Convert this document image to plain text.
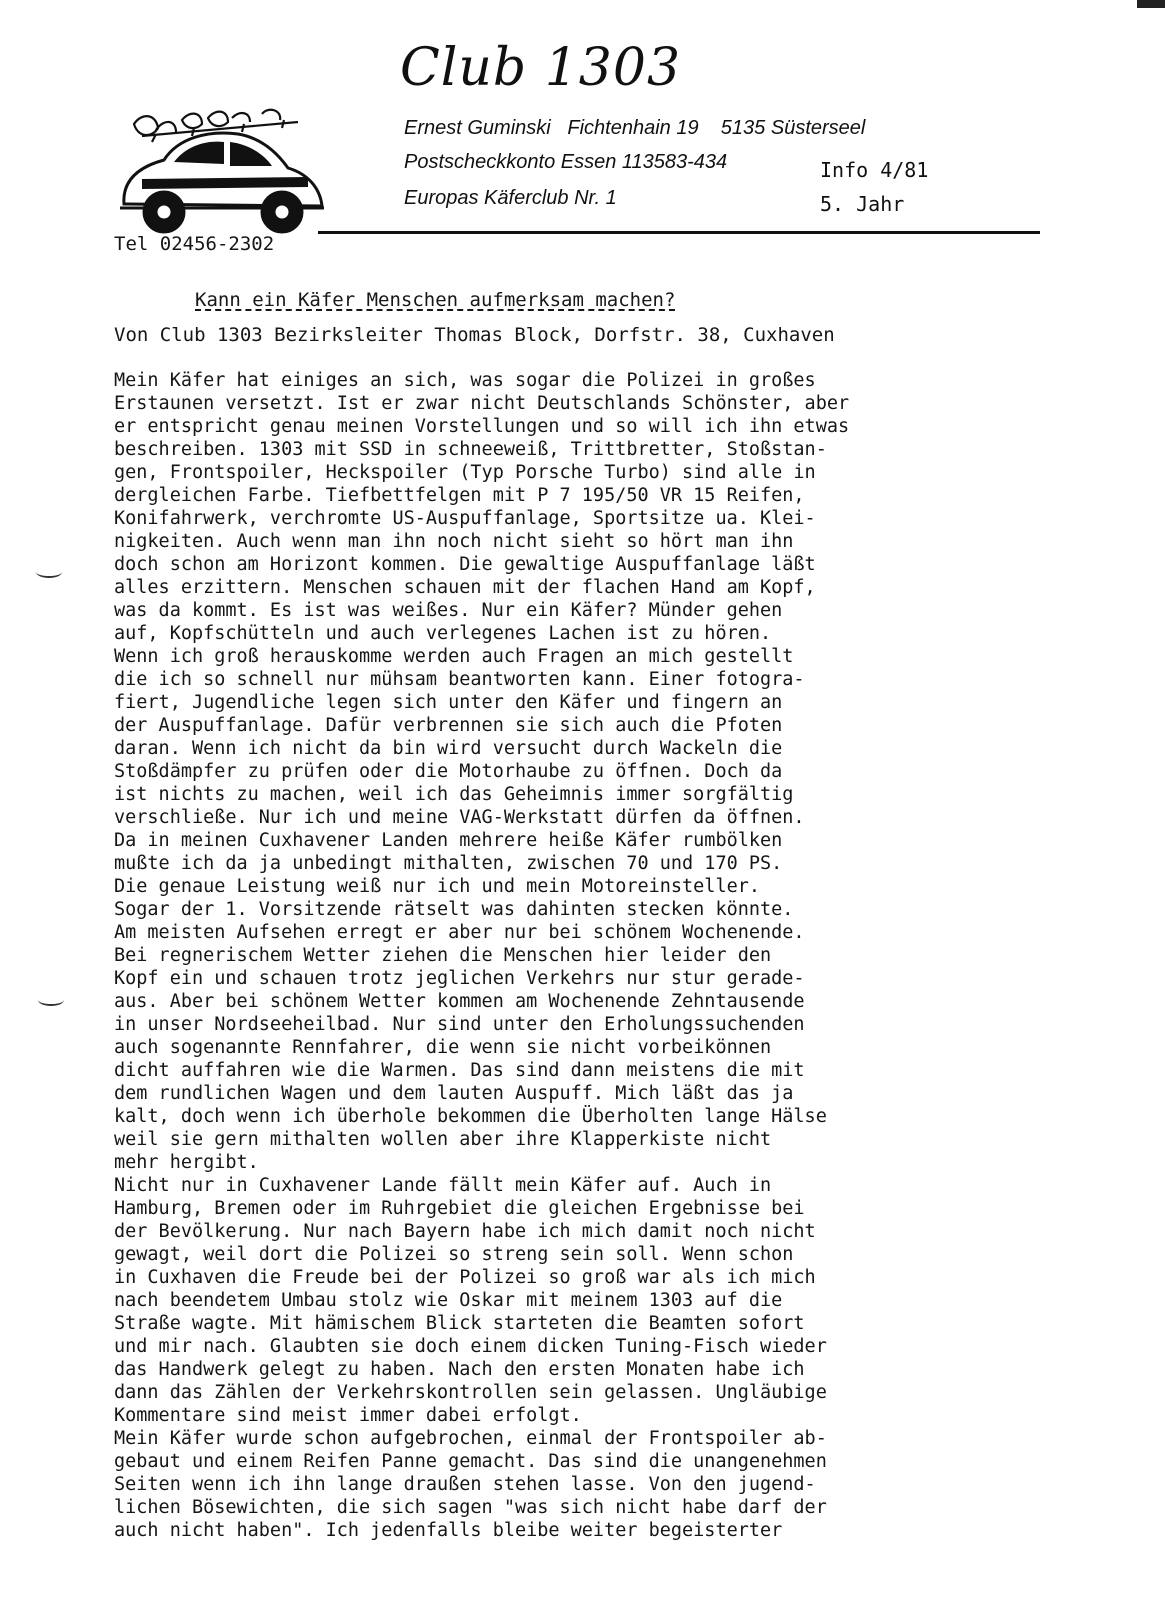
Club 1303
Ernest Guminski   Fichtenhain 19    5135 Süsterseel
Postscheckkonto Essen 113583-434
Europas Käferclub Nr. 1
Info 4/81
5. Jahr
Tel 02456-2302
Kann ein Käfer Menschen aufmerksam machen?
Von Club 1303 Bezirksleiter Thomas Block, Dorfstr. 38, Cuxhaven
Mein Käfer hat einiges an sich, was sogar die Polizei in großes
Erstaunen versetzt. Ist er zwar nicht Deutschlands Schönster, aber
er entspricht genau meinen Vorstellungen und so will ich ihn etwas
beschreiben. 1303 mit SSD in schneeweiß, Trittbretter, Stoßstan-
gen, Frontspoiler, Heckspoiler (Typ Porsche Turbo) sind alle in
dergleichen Farbe. Tiefbettfelgen mit P 7 195/50 VR 15 Reifen,
Konifahrwerk, verchromte US-Auspuffanlage, Sportsitze ua. Klei-
nigkeiten. Auch wenn man ihn noch nicht sieht so hört man ihn
doch schon am Horizont kommen. Die gewaltige Auspuffanlage läßt
alles erzittern. Menschen schauen mit der flachen Hand am Kopf,
was da kommt. Es ist was weißes. Nur ein Käfer? Münder gehen
auf, Kopfschütteln und auch verlegenes Lachen ist zu hören.
Wenn ich groß herauskomme werden auch Fragen an mich gestellt
die ich so schnell nur mühsam beantworten kann. Einer fotogra-
fiert, Jugendliche legen sich unter den Käfer und fingern an
der Auspuffanlage. Dafür verbrennen sie sich auch die Pfoten
daran. Wenn ich nicht da bin wird versucht durch Wackeln die
Stoßdämpfer zu prüfen oder die Motorhaube zu öffnen. Doch da
ist nichts zu machen, weil ich das Geheimnis immer sorgfältig
verschließe. Nur ich und meine VAG-Werkstatt dürfen da öffnen.
Da in meinen Cuxhavener Landen mehrere heiße Käfer rumbölken
mußte ich da ja unbedingt mithalten, zwischen 70 und 170 PS.
Die genaue Leistung weiß nur ich und mein Motoreinsteller.
Sogar der 1. Vorsitzende rätselt was dahinten stecken könnte.
Am meisten Aufsehen erregt er aber nur bei schönem Wochenende.
Bei regnerischem Wetter ziehen die Menschen hier leider den
Kopf ein und schauen trotz jeglichen Verkehrs nur stur gerade-
aus. Aber bei schönem Wetter kommen am Wochenende Zehntausende
in unser Nordseeheilbad. Nur sind unter den Erholungssuchenden
auch sogenannte Rennfahrer, die wenn sie nicht vorbeikönnen
dicht auffahren wie die Warmen. Das sind dann meistens die mit
dem rundlichen Wagen und dem lauten Auspuff. Mich läßt das ja
kalt, doch wenn ich überhole bekommen die Überholten lange Hälse
weil sie gern mithalten wollen aber ihre Klapperkiste nicht
mehr hergibt.
Nicht nur in Cuxhavener Lande fällt mein Käfer auf. Auch in
Hamburg, Bremen oder im Ruhrgebiet die gleichen Ergebnisse bei
der Bevölkerung. Nur nach Bayern habe ich mich damit noch nicht
gewagt, weil dort die Polizei so streng sein soll. Wenn schon
in Cuxhaven die Freude bei der Polizei so groß war als ich mich
nach beendetem Umbau stolz wie Oskar mit meinem 1303 auf die
Straße wagte. Mit hämischem Blick starteten die Beamten sofort
und mir nach. Glaubten sie doch einem dicken Tuning-Fisch wieder
das Handwerk gelegt zu haben. Nach den ersten Monaten habe ich
dann das Zählen der Verkehrskontrollen sein gelassen. Ungläubige
Kommentare sind meist immer dabei erfolgt.
Mein Käfer wurde schon aufgebrochen, einmal der Frontspoiler ab-
gebaut und einem Reifen Panne gemacht. Das sind die unangenehmen
Seiten wenn ich ihn lange draußen stehen lasse. Von den jugend-
lichen Bösewichten, die sich sagen "was sich nicht habe darf der
auch nicht haben". Ich jedenfalls bleibe weiter begeisterter
